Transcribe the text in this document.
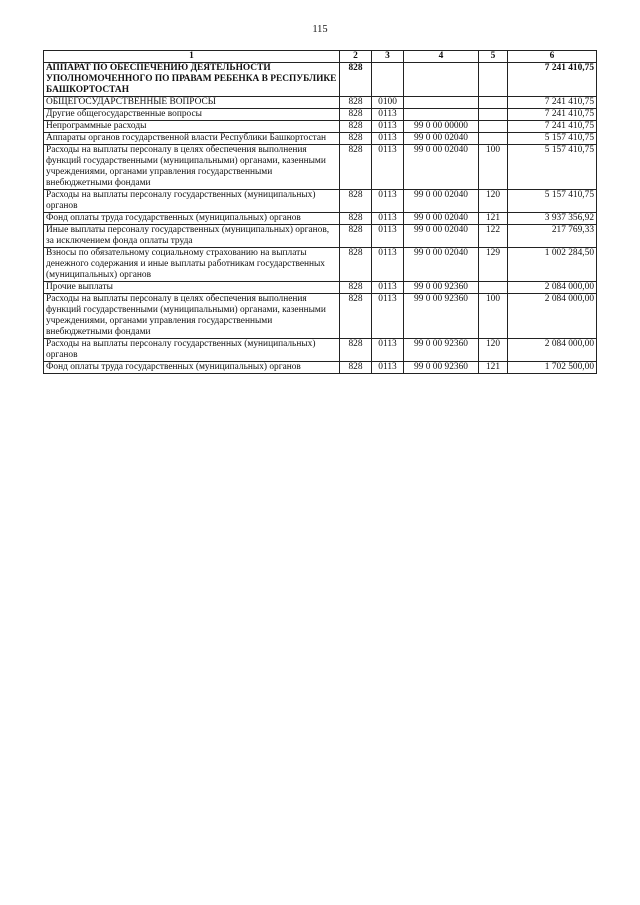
115
1	2	3	4	5	6
АППАРАТ ПО ОБЕСПЕЧЕНИЮ ДЕЯТЕЛЬНОСТИ УПОЛНОМОЧЕННОГО ПО ПРАВАМ РЕБЕНКА В РЕСПУБЛИКЕ БАШКОРТОСТАН	828				7 241 410,75
ОБЩЕГОСУДАРСТВЕННЫЕ ВОПРОСЫ	828	0100			7 241 410,75
Другие общегосударственные вопросы	828	0113			7 241 410,75
Непрограммные расходы	828	0113	99 0 00 00000		7 241 410,75
Аппараты органов государственной власти Республики Башкортостан	828	0113	99 0 00 02040		5 157 410,75
Расходы на выплаты персоналу в целях обеспечения выполнения функций государственными (муниципальными) органами, казенными учреждениями, органами управления государственными внебюджетными фондами	828	0113	99 0 00 02040	100	5 157 410,75
Расходы на выплаты персоналу государственных (муниципальных) органов	828	0113	99 0 00 02040	120	5 157 410,75
Фонд оплаты труда государственных (муниципальных) органов	828	0113	99 0 00 02040	121	3 937 356,92
Иные выплаты персоналу государственных (муниципальных) органов, за исключением фонда оплаты труда	828	0113	99 0 00 02040	122	217 769,33
Взносы по обязательному социальному страхованию на выплаты денежного содержания и иные выплаты работникам государственных (муниципальных) органов	828	0113	99 0 00 02040	129	1 002 284,50
Прочие выплаты	828	0113	99 0 00 92360		2 084 000,00
Расходы на выплаты персоналу в целях обеспечения выполнения функций государственными (муниципальными) органами, казенными учреждениями, органами управления государственными внебюджетными фондами	828	0113	99 0 00 92360	100	2 084 000,00
Расходы на выплаты персоналу государственных (муниципальных) органов	828	0113	99 0 00 92360	120	2 084 000,00
Фонд оплаты труда государственных (муниципальных) органов	828	0113	99 0 00 92360	121	1 702 500,00
